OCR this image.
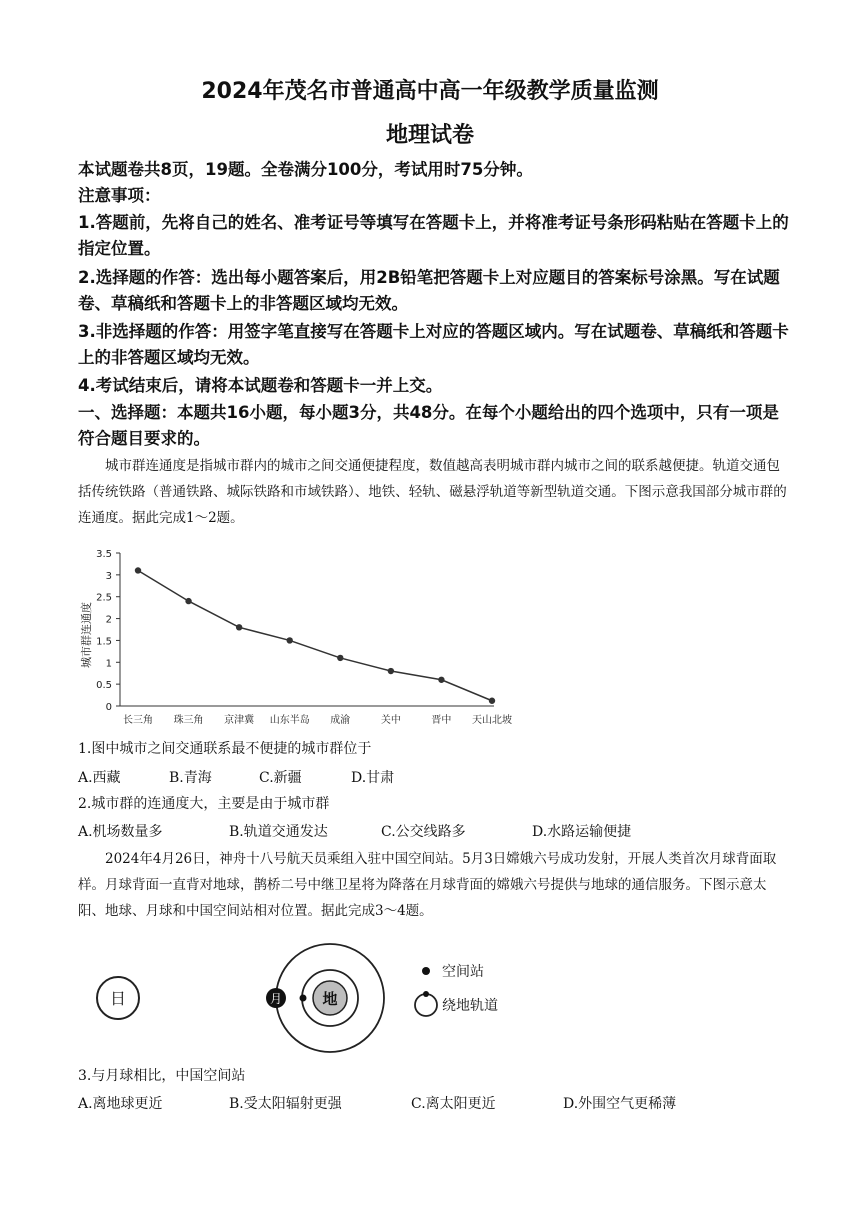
2024年茂名市普通高中高一年级教学质量监测
地理试卷

本试题卷共8页，19题。全卷满分100分，考试用时75分钟。

注意事项：

1.答题前，先将自己的姓名、准考证号等填写在答题卡上，并将准考证号条形码粘贴在答题卡上的指定位置。

2.选择题的作答：选出每小题答案后，用2B铅笔把答题卡上对应题目的答案标号涂黑。写在试题卷、草稿纸和答题卡上的非答题区域均无效。

3.非选择题的作答：用签字笔直接写在答题卡上对应的答题区域内。写在试题卷、草稿纸和答题卡上的非答题区域均无效。

4.考试结束后，请将本试题卷和答题卡一并上交。

一、选择题：本题共16小题，每小题3分，共48分。在每个小题给出的四个选项中，只有一项是符合题目要求的。

城市群连通度是指城市群内的城市之间交通便捷程度，数值越高表明城市群内城市之间的联系越便捷。轨道交通包括传统铁路（普通铁路、城际铁路和市域铁路）、地铁、轻轨、磁悬浮轨道等新型轨道交通。下图示意我国部分城市群的连通度。据此完成1～2题。

城市群连通度
0
0.5
1
1.5
2
2.5
3
3.5
长三角 珠三角 京津冀 山东半岛 成渝	关中	晋中 天山北坡

1.图中城市之间交通联系最不便捷的城市群位于

A.西藏	B.青海	C.新疆	D.甘肃

2.城市群的连通度大，主要是由于城市群

A.机场数量多	B.轨道交通发达	C.公交线路多	D.水路运输便捷

2024年4月26日，神舟十八号航天员乘组入驻中国空间站。5月3日嫦娥六号成功发射，开展人类首次月球背面取样。月球背面一直背对地球，鹊桥二号中继卫星将为降落在月球背面的嫦娥六号提供与地球的通信服务。下图示意太阳、地球、月球和中国空间站相对位置。据此完成3～4题。

日	地
月
空间站
绕地轨道

3.与月球相比，中国空间站

A.离地球更近	B.受太阳辐射更强	C.离太阳更近	D.外围空气更稀薄
